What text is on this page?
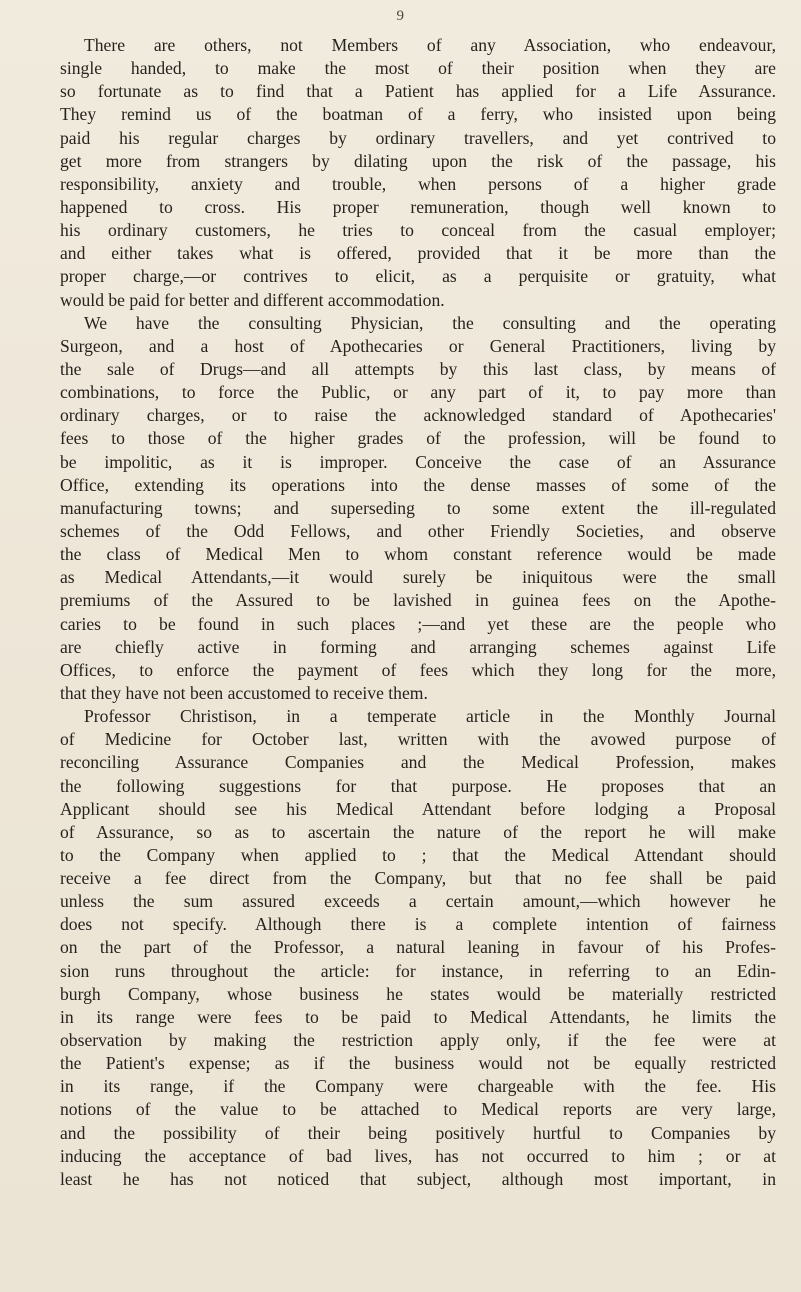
9
There are others, not Members of any Association, who endeavour,
single handed, to make the most of their position when they are
so fortunate as to find that a Patient has applied for a Life Assurance.
They remind us of the boatman of a ferry, who insisted upon being
paid his regular charges by ordinary travellers, and yet contrived to
get more from strangers by dilating upon the risk of the passage, his
responsibility, anxiety and trouble, when persons of a higher grade
happened to cross. His proper remuneration, though well known to
his ordinary customers, he tries to conceal from the casual employer;
and either takes what is offered, provided that it be more than the
proper charge,—or contrives to elicit, as a perquisite or gratuity, what
would be paid for better and different accommodation.
We have the consulting Physician, the consulting and the operating
Surgeon, and a host of Apothecaries or General Practitioners, living by
the sale of Drugs—and all attempts by this last class, by means of
combinations, to force the Public, or any part of it, to pay more than
ordinary charges, or to raise the acknowledged standard of Apothecaries'
fees to those of the higher grades of the profession, will be found to
be impolitic, as it is improper. Conceive the case of an Assurance
Office, extending its operations into the dense masses of some of the
manufacturing towns; and superseding to some extent the ill-regulated
schemes of the Odd Fellows, and other Friendly Societies, and observe
the class of Medical Men to whom constant reference would be made
as Medical Attendants,—it would surely be iniquitous were the small
premiums of the Assured to be lavished in guinea fees on the Apothe-
caries to be found in such places ;—and yet these are the people who
are chiefly active in forming and arranging schemes against Life
Offices, to enforce the payment of fees which they long for the more,
that they have not been accustomed to receive them.
Professor Christison, in a temperate article in the Monthly Journal
of Medicine for October last, written with the avowed purpose of
reconciling Assurance Companies and the Medical Profession, makes
the following suggestions for that purpose. He proposes that an
Applicant should see his Medical Attendant before lodging a Proposal
of Assurance, so as to ascertain the nature of the report he will make
to the Company when applied to ; that the Medical Attendant should
receive a fee direct from the Company, but that no fee shall be paid
unless the sum assured exceeds a certain amount,—which however he
does not specify. Although there is a complete intention of fairness
on the part of the Professor, a natural leaning in favour of his Profes-
sion runs throughout the article: for instance, in referring to an Edin-
burgh Company, whose business he states would be materially restricted
in its range were fees to be paid to Medical Attendants, he limits the
observation by making the restriction apply only, if the fee were at
the Patient's expense; as if the business would not be equally restricted
in its range, if the Company were chargeable with the fee. His
notions of the value to be attached to Medical reports are very large,
and the possibility of their being positively hurtful to Companies by
inducing the acceptance of bad lives, has not occurred to him ; or at
least he has not noticed that subject, although most important, in
